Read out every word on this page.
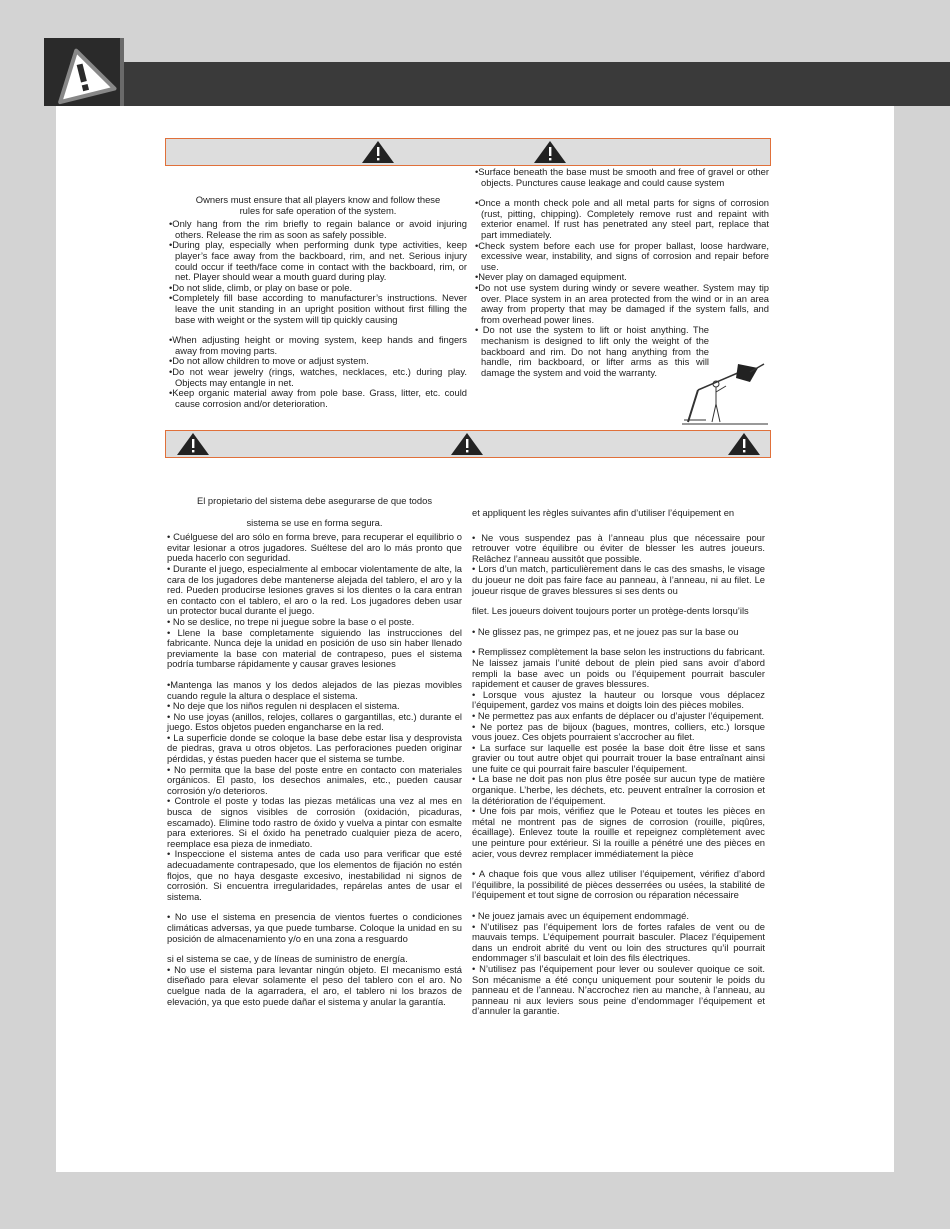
Owners must ensure that all players know and follow these

rules for safe operation of the system.

•Only hang from the rim briefly to regain balance or avoid injuring others. Release the rim as soon as safely possible.

•During play, especially when performing dunk type activities, keep player’s face away from the backboard, rim, and net. Serious injury could occur if teeth/face come in contact with the backboard, rim, or net. Player should wear a mouth guard during play.

•Do not slide, climb, or play on base or pole.

•Completely fill base according to manufacturer’s instructions. Never leave the unit standing in an upright position without first filling the base with weight or the system will tip quickly causing

•When adjusting height or moving system, keep hands and fingers away from moving parts.

•Do not allow children to move or adjust system.

•Do not wear jewelry (rings, watches, necklaces, etc.) during play. Objects may entangle in net.

•Keep organic material away from pole base. Grass, litter, etc. could cause corrosion and/or deterioration.

•Surface beneath the base must be smooth and free of gravel or other objects. Punctures cause leakage and could cause system

•Once a month check pole and all metal parts for signs of corrosion (rust, pitting, chipping). Completely remove rust and repaint with exterior enamel. If rust has penetrated any steel part, replace that part immediately.

•Check system before each use for proper ballast, loose hardware, excessive wear, instability, and signs of corrosion and repair before use.

•Never play on damaged equipment.

•Do not use system during windy or severe weather. System may tip over. Place system in an area protected from the wind or in an area away from property that may be damaged if the system falls, and from overhead power lines.

• Do not use the system to lift or hoist anything. The mechanism is designed to lift only the weight of the backboard and rim. Do not hang anything from the handle, rim backboard, or lifter arms as this will damage the system and void the warranty.

El propietario del sistema debe asegurarse de que todos

sistema se use en forma segura.

• Cuélguese del aro sólo en forma breve, para recuperar el equilibrio o evitar lesionar a otros jugadores. Suéltese del aro lo más pronto que pueda hacerlo con seguridad.

• Durante el juego, especialmente al embocar violentamente de alte, la cara de los jugadores debe mantenerse alejada del tablero, el aro y la red. Pueden producirse lesiones graves si los dientes o la cara entran en contacto con el tablero, el aro o la red. Los jugadores deben usar un protector bucal durante el juego.

• No se deslice, no trepe ni juegue sobre la base o el poste.

• Llene la base completamente siguiendo las instrucciones del fabricante. Nunca deje la unidad en posición de uso sin haber llenado previamente la base con material de contrapeso, pues el sistema podría tumbarse rápidamente y causar graves lesiones

•Mantenga las manos y los dedos alejados de las piezas movibles cuando regule la altura o desplace el sistema.

• No deje que los niños regulen ni desplacen el sistema.

• No use joyas (anillos, relojes, collares o gargantillas, etc.) durante el juego. Estos objetos pueden engancharse en la red.

• La superficie donde se coloque la base debe estar lisa y desprovista de piedras, grava u otros objetos. Las perforaciones pueden originar pérdidas, y éstas pueden hacer que el sistema se tumbe.

• No permita que la base del poste entre en contacto con materiales orgánicos. El pasto, los desechos animales, etc., pueden causar corrosión y/o deterioros.

• Controle el poste y todas las piezas metálicas una vez al mes en busca de signos visibles de corrosión (oxidación, picaduras, escamado). Elimine todo rastro de óxido y vuelva a pintar con esmalte para exteriores. Si el óxido ha penetrado cualquier pieza de acero, reemplace esa pieza de inmediato.

• Inspeccione el sistema antes de cada uso para verificar que esté adecuadamente contrapesado, que los elementos de fijación no estén flojos, que no haya desgaste excesivo, inestabilidad ni signos de corrosión. Si encuentra irregularidades, repárelas antes de usar el sistema.

• No use el sistema en presencia de vientos fuertes o condiciones climáticas adversas, ya que puede tumbarse. Coloque la unidad en su posición de almacenamiento y/o en una zona a resguardo

si el sistema se cae, y de líneas de suministro de energía.

• No use el sistema para levantar ningún objeto. El mecanismo está diseñado para elevar solamente el peso del tablero con el aro. No cuelgue nada de la agarradera, el aro, el tablero ni los brazos de elevación, ya que esto puede dañar el sistema y anular la garantía.

et appliquent les règles suivantes afin d’utiliser l’équipement en

• Ne vous suspendez pas à l’anneau plus que nécessaire pour retrouver votre équilibre ou éviter de blesser les autres joueurs. Relâchez l’anneau aussitôt que possible.

• Lors d’un match, particulièrement dans le cas des smashs, le visage du joueur ne doit pas faire face au panneau, à l’anneau, ni au filet. Le joueur risque de graves blessures si ses dents ou

filet. Les joueurs doivent toujours porter un protège-dents lorsqu’ils

• Ne glissez pas, ne grimpez pas, et ne jouez pas sur la base ou

• Remplissez complètement la base selon les instructions du fabricant. Ne laissez jamais l’unité debout de plein pied sans avoir d’abord rempli la base avec un poids ou l’équipement pourrait basculer rapidement et causer de graves blessures.

• Lorsque vous ajustez la hauteur ou lorsque vous déplacez l’équipement, gardez vos mains et doigts loin des pièces mobiles.

• Ne permettez pas aux enfants de déplacer ou d’ajuster l’équipement.

• Ne portez pas de bijoux (bagues, montres, colliers, etc.) lorsque vous jouez. Ces objets pourraient s’accrocher au filet.

• La surface sur laquelle est posée la base doit être lisse et sans gravier ou tout autre objet qui pourrait trouer la base entraînant ainsi une fuite ce qui pourrait faire basculer l’équipement.

• La base ne doit pas non plus être posée sur aucun type de matière organique. L’herbe, les déchets, etc. peuvent entraîner la corrosion et la détérioration de l’équipement.

• Une fois par mois, vérifiez que le Poteau et toutes les pièces en métal ne montrent pas de signes de corrosion (rouille, piqûres, écaillage). Enlevez toute la rouille et repeignez complètement avec une peinture pour extérieur. Si la rouille a pénétré une des pièces en acier, vous devrez remplacer immédiatement la pièce

• A chaque fois que vous allez utiliser l’équipement, vérifiez d’abord l’équilibre, la possibilité de pièces desserrées ou usées, la stabilité de l’équipement et tout signe de corrosion ou réparation nécessaire

• Ne jouez jamais avec un équipement endommagé.

• N’utilisez pas l’équipement lors de fortes rafales de vent ou de mauvais temps. L’équipement pourrait basculer. Placez l’équipement dans un endroit abrité du vent ou loin des structures qu’il pourrait endommager s’il basculait et loin des fils électriques.

• N’utilisez pas l’équipement pour lever ou soulever quoique ce soit. Son mécanisme a été conçu uniquement pour soutenir le poids du panneau et de l’anneau. N’accrochez rien au manche, à l’anneau, au panneau ni aux leviers sous peine d’endommager l’équipement et d’annuler la garantie.
